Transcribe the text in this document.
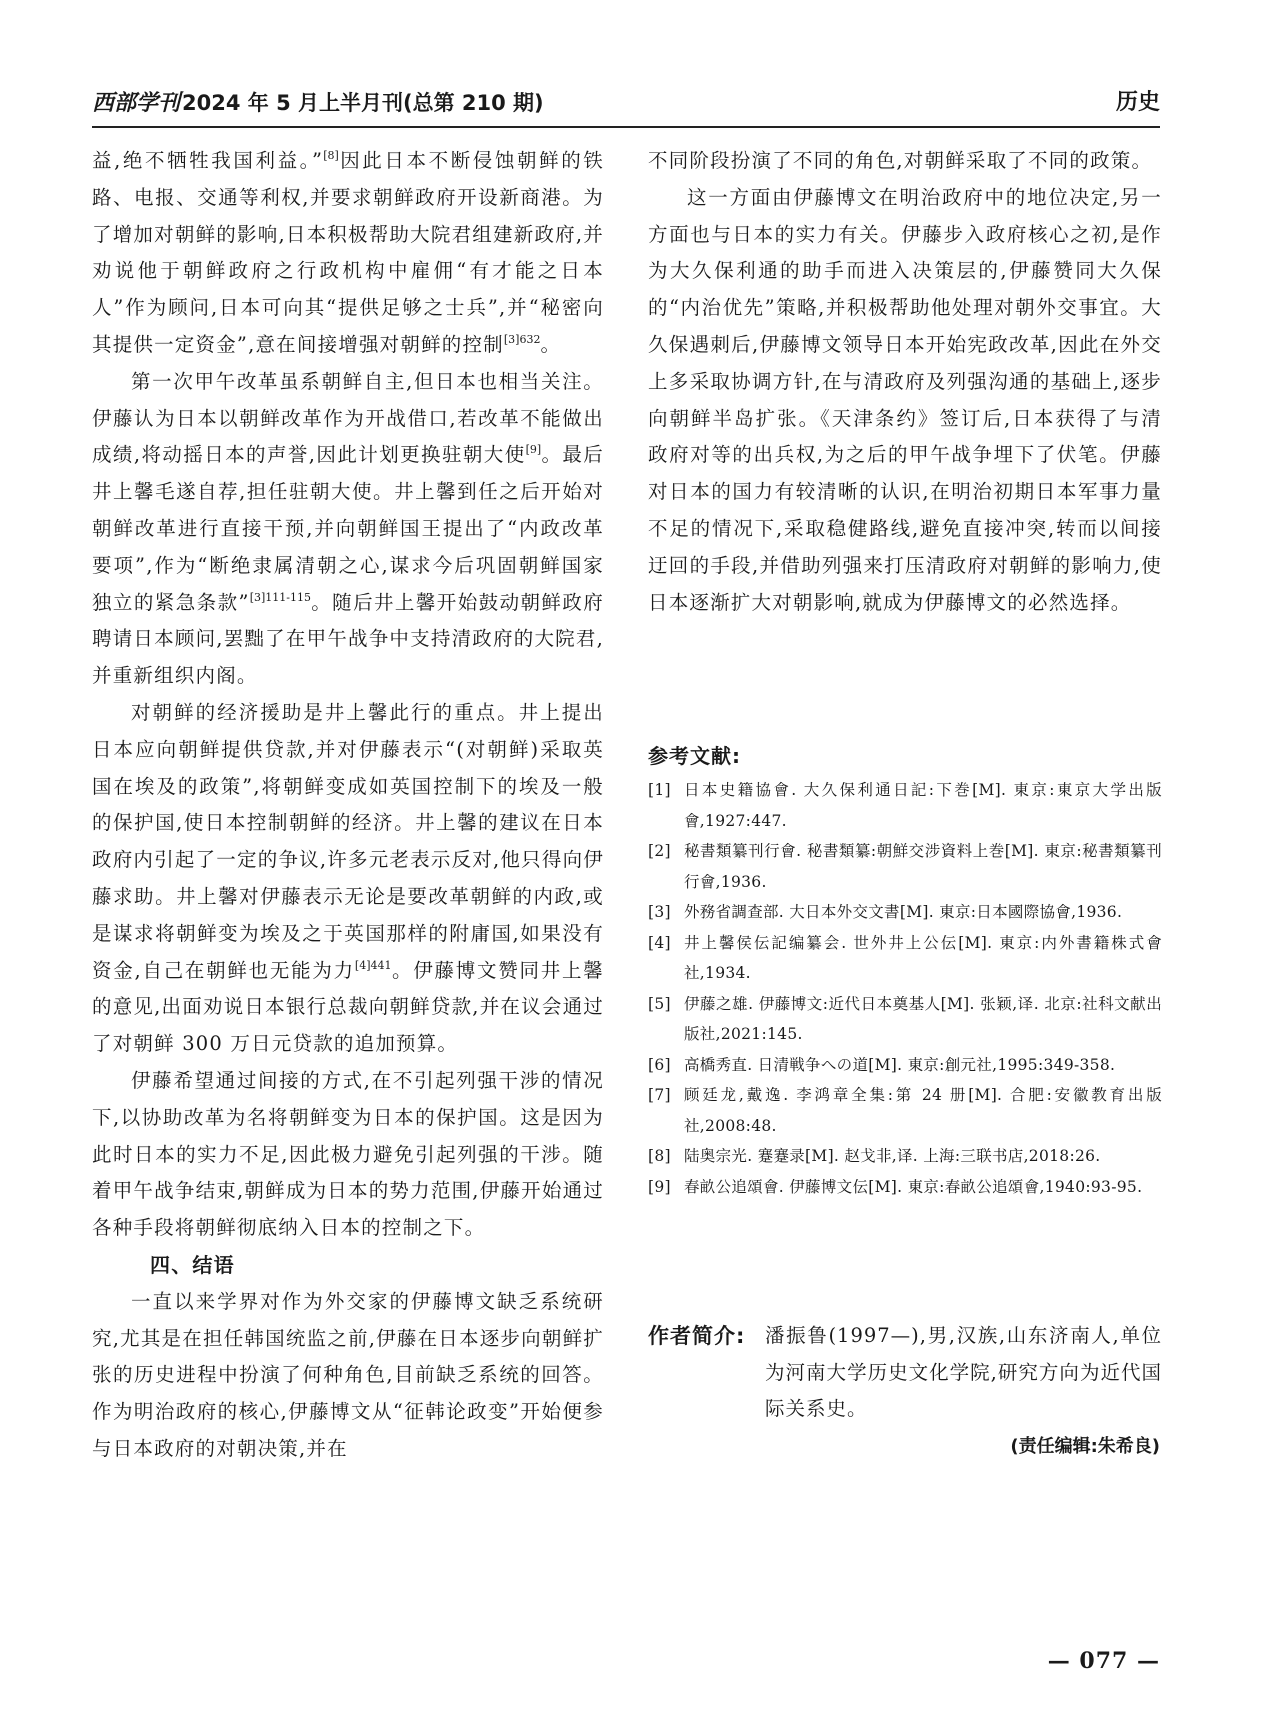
西部学刊2024 年 5 月上半月刊(总第 210 期)	历史

益,绝不牺牲我国利益。”[8]因此日本不断侵蚀朝鲜的铁路、电报、交通等利权,并要求朝鲜政府开设新商港。为了增加对朝鲜的影响,日本积极帮助大院君组建新政府,并劝说他于朝鲜政府之行政机构中雇佣“有才能之日本人”作为顾问,日本可向其“提供足够之士兵”,并“秘密向其提供一定资金”,意在间接增强对朝鲜的控制$^{[3]632}$。

第一次甲午改革虽系朝鲜自主,但日本也相当关注。伊藤认为日本以朝鲜改革作为开战借口,若改革不能做出成绩,将动摇日本的声誉,因此计划更换驻朝大使[9]。最后井上馨毛遂自荐,担任驻朝大使。井上馨到任之后开始对朝鲜改革进行直接干预,并向朝鲜国王提出了“内政改革要项”,作为“断绝隶属清朝之心,谋求今后巩固朝鲜国家独立的紧急条款”$^{[3]111-115}$。随后井上馨开始鼓动朝鲜政府聘请日本顾问,罢黜了在甲午战争中支持清政府的大院君,并重新组织内阁。

对朝鲜的经济援助是井上馨此行的重点。井上提出日本应向朝鲜提供贷款,并对伊藤表示“(对朝鲜)采取英国在埃及的政策”,将朝鲜变成如英国控制下的埃及一般的保护国,使日本控制朝鲜的经济。井上馨的建议在日本政府内引起了一定的争议,许多元老表示反对,他只得向伊藤求助。井上馨对伊藤表示无论是要改革朝鲜的内政,或是谋求将朝鲜变为埃及之于英国那样的附庸国,如果没有资金,自己在朝鲜也无能为力$^{[4]441}$。伊藤博文赞同井上馨的意见,出面劝说日本银行总裁向朝鲜贷款,并在议会通过了对朝鲜 300 万日元贷款的追加预算。

伊藤希望通过间接的方式,在不引起列强干涉的情况下,以协助改革为名将朝鲜变为日本的保护国。这是因为此时日本的实力不足,因此极力避免引起列强的干涉。随着甲午战争结束,朝鲜成为日本的势力范围,伊藤开始通过各种手段将朝鲜彻底纳入日本的控制之下。

四、结语

一直以来学界对作为外交家的伊藤博文缺乏系统研究,尤其是在担任韩国统监之前,伊藤在日本逐步向朝鲜扩张的历史进程中扮演了何种角色,目前缺乏系统的回答。作为明治政府的核心,伊藤博文从“征韩论政变”开始便参与日本政府的对朝决策,并在

不同阶段扮演了不同的角色,对朝鲜采取了不同的政策。

这一方面由伊藤博文在明治政府中的地位决定,另一方面也与日本的实力有关。伊藤步入政府核心之初,是作为大久保利通的助手而进入决策层的,伊藤赞同大久保的“内治优先”策略,并积极帮助他处理对朝外交事宜。大久保遇刺后,伊藤博文领导日本开始宪政改革,因此在外交上多采取协调方针,在与清政府及列强沟通的基础上,逐步向朝鲜半岛扩张。《天津条约》签订后,日本获得了与清政府对等的出兵权,为之后的甲午战争埋下了伏笔。伊藤对日本的国力有较清晰的认识,在明治初期日本军事力量不足的情况下,采取稳健路线,避免直接冲突,转而以间接迂回的手段,并借助列强来打压清政府对朝鲜的影响力,使日本逐渐扩大对朝影响,就成为伊藤博文的必然选择。

参考文献:
[1] 日本史籍協會. 大久保利通日記:下巻[M]. 東京:東京大学出版會,1927:447.
[2] 秘書類纂刊行會. 秘書類纂:朝鮮交涉資料上巻[M]. 東京:秘書類纂刊行會,1936.
[3] 外務省調查部. 大日本外交文書[M]. 東京:日本國際協會,1936.
[4] 井上馨侯伝記编纂会. 世外井上公伝[M]. 東京:内外書籍株式會社,1934.
[5] 伊藤之雄. 伊藤博文:近代日本奠基人[M]. 张颖,译. 北京:社科文献出版社,2021:145.
[6] 高橋秀直. 日清戦争への道[M]. 東京:創元社,1995:349-358.
[7] 顾廷龙,戴逸. 李鸿章全集:第 24 册[M]. 合肥:安徽教育出版社,2008:48.
[8] 陆奥宗光. 蹇蹇录[M]. 赵戈非,译. 上海:三联书店,2018:26.
[9] 春畝公追頌會. 伊藤博文伝[M]. 東京:春畝公追頌會,1940:93-95.
作者简介:	潘振鲁(1997—),男,汉族,山东济南人,单位为河南大学历史文化学院,研究方向为近代国际关系史。
(责任编辑:朱希良)
— 077 —
